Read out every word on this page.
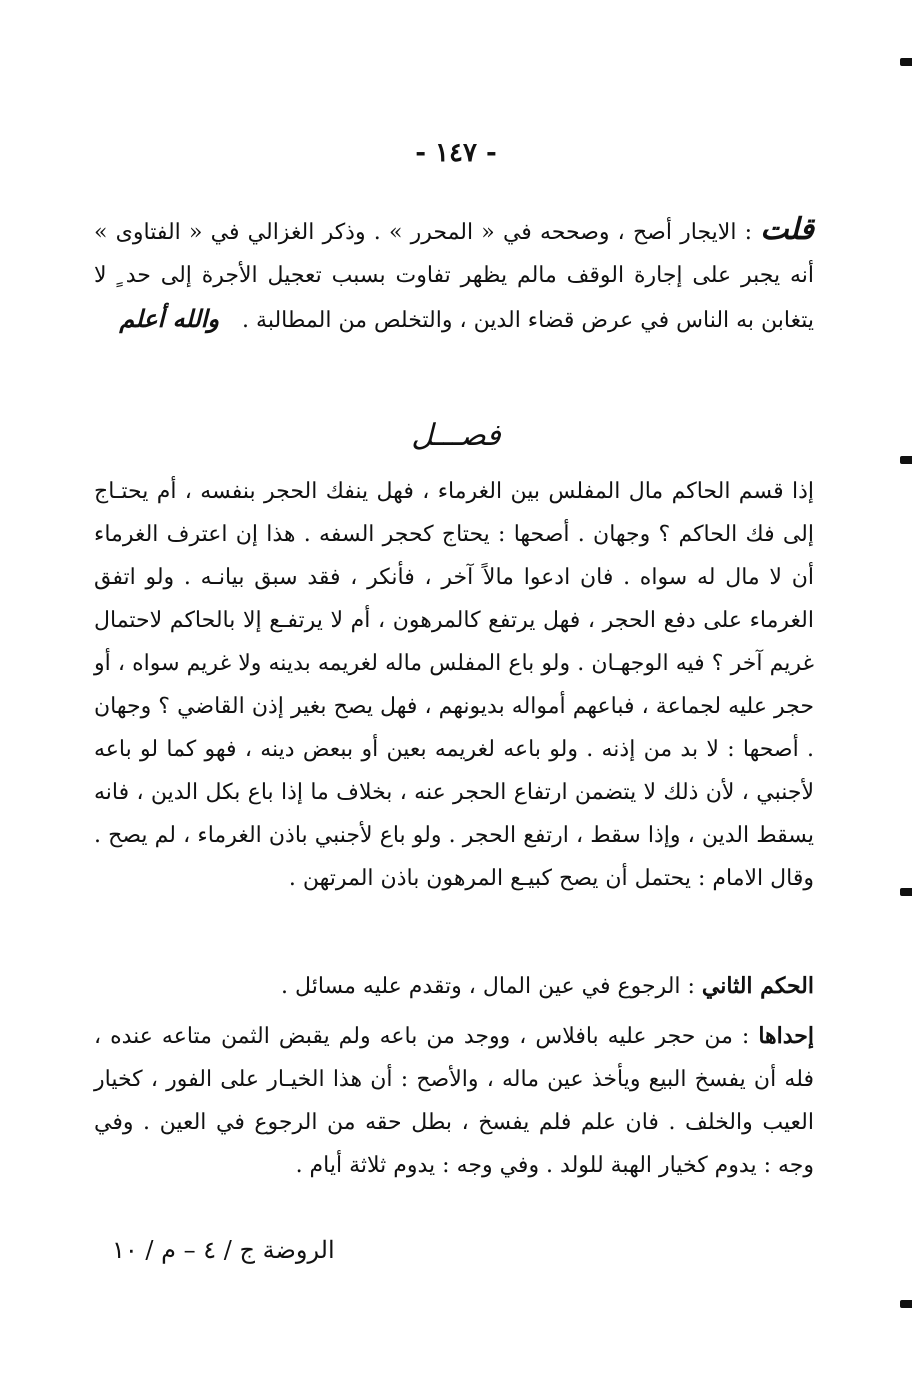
- ١٤٧ -

قلت : الايجار أصح ، وصححه في « المحرر » . وذكر الغزالي في « الفتاوى » أنه يجبر على إجارة الوقف مالم يظهر تفاوت بسبب تعجيل الأجرة إلى حد ٍ لا يتغابن به الناس في عرض قضاء الدين ، والتخلص من المطالبة . والله أعلم

فصـــل

إذا قسم الحاكم مال المفلس بين الغرماء ، فهل ينفك الحجر بنفسه ، أم يحتـاج إلى فك الحاكم ؟ وجهان . أصحها : يحتاج كحجر السفه . هذا إن اعترف الغرماء أن لا مال له سواه . فان ادعوا مالاً آخر ، فأنكر ، فقد سبق بيانـه . ولو اتفق الغرماء على دفع الحجر ، فهل يرتفع كالمرهون ، أم لا يرتفـع إلا بالحاكم لاحتمال غريم آخر ؟ فيه الوجهـان . ولو باع المفلس ماله لغريمه بدينه ولا غريم سواه ، أو حجر عليه لجماعة ، فباعهم أمواله بديونهم ، فهل يصح بغير إذن القاضي ؟ وجهان . أصحها : لا بد من إذنه . ولو باعه لغريمه بعين أو ببعض دينه ، فهو كما لو باعه لأجنبي ، لأن ذلك لا يتضمن ارتفاع الحجر عنه ، بخلاف ما إذا باع بكل الدين ، فانه يسقط الدين ، وإذا سقط ، ارتفع الحجر . ولو باع لأجنبي باذن الغرماء ، لم يصح . وقال الامام : يحتمل أن يصح كبيـع المرهون باذن المرتهن .

الحكم الثاني : الرجوع في عين المال ، وتقدم عليه مسائل .

إحداها : من حجر عليه بافلاس ، ووجد من باعه ولم يقبض الثمن متاعه عنده ، فله أن يفسخ البيع ويأخذ عين ماله ، والأصح : أن هذا الخيـار على الفور ، كخيار العيب والخلف . فان علم فلم يفسخ ، بطل حقه من الرجوع في العين . وفي وجه : يدوم كخيار الهبة للولد . وفي وجه : يدوم ثلاثة أيام .

الروضة ج / ٤ – م / ١٠
